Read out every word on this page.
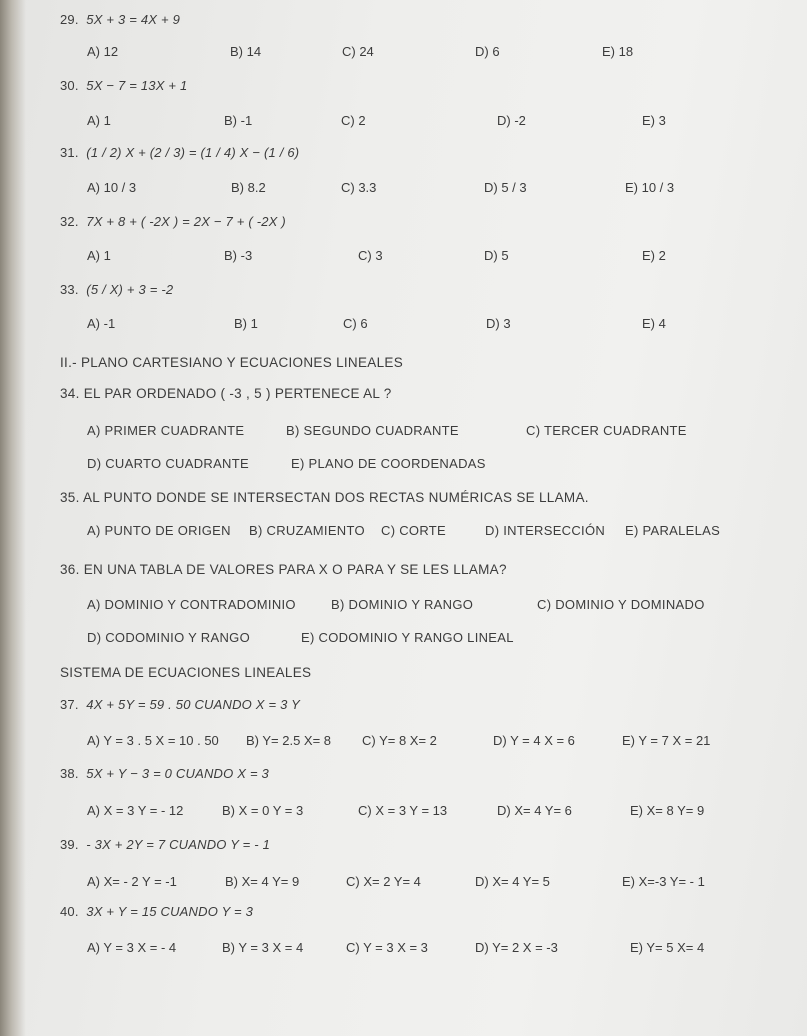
29. 5X + 3 = 4X + 9
A) 12	B) 14	C) 24	D) 6	E) 18
30. 5X − 7 = 13X + 1
A) 1	B) -1	C) 2	D) -2	E) 3
31. (1 / 2) X + (2 / 3) = (1 / 4) X − (1 / 6)
A) 10 / 3	B) 8.2	C) 3.3	D) 5 / 3	E) 10 / 3
32. 7X + 8 + ( -2X ) = 2X − 7 + ( -2X )
A) 1	B) -3	C) 3	D) 5	E) 2
33. (5 / X) + 3 = -2
A) -1	B) 1	C) 6	D) 3	E) 4
II.- PLANO CARTESIANO Y ECUACIONES LINEALES
34. EL PAR ORDENADO ( -3 , 5 ) PERTENECE AL ?
A) PRIMER CUADRANTE	B) SEGUNDO CUADRANTE	C) TERCER CUADRANTE
D) CUARTO CUADRANTE	E) PLANO DE COORDENADAS
35. AL PUNTO DONDE SE INTERSECTAN DOS RECTAS NUMÉRICAS SE LLAMA.
A) PUNTO DE ORIGEN B) CRUZAMIENTO C) CORTE	D) INTERSECCIÓN E) PARALELAS
36. EN UNA TABLA DE VALORES PARA X O PARA Y SE LES LLAMA?
A) DOMINIO Y CONTRADOMINIO	B) DOMINIO Y RANGO	C) DOMINIO Y DOMINADO
D) CODOMINIO Y RANGO	E) CODOMINIO Y RANGO LINEAL
SISTEMA DE ECUACIONES LINEALES
37. 4X + 5Y = 59 . 50 CUANDO X = 3 Y
A) Y = 3 . 5 X = 10 . 50 B) Y= 2.5 X= 8 C) Y= 8 X= 2	D) Y = 4 X = 6	E) Y = 7 X = 21
38. 5X + Y − 3 = 0 CUANDO X = 3
A) X = 3 Y = - 12	B) X = 0 Y = 3	C) X = 3 Y = 13	D) X= 4 Y= 6	E) X= 8 Y= 9
39. - 3X + 2Y = 7 CUANDO Y = - 1
A) X= - 2 Y = -1	B) X= 4 Y= 9	C) X= 2 Y= 4	D) X= 4 Y= 5	E) X=-3 Y= - 1
40. 3X + Y = 15 CUANDO Y = 3
A) Y = 3 X = - 4	B) Y = 3 X = 4	C) Y = 3 X = 3	D) Y= 2 X = -3	E) Y= 5 X= 4
